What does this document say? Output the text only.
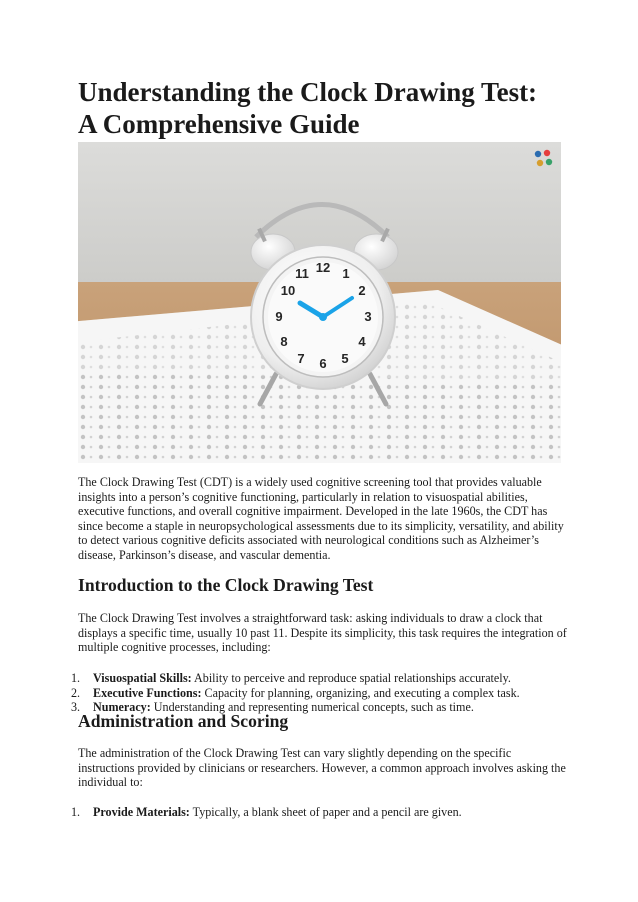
Understanding the Clock Drawing Test:
A Comprehensive Guide
12 1
2
3
4
5
6
7
8
9
10
11

The Clock Drawing Test (CDT) is a widely used cognitive screening tool that provides valuable insights into a person’s cognitive functioning, particularly in relation to visuospatial abilities, executive functions, and overall cognitive impairment. Developed in the late 1960s, the CDT has since become a staple in neuropsychological assessments due to its simplicity, versatility, and ability to detect various cognitive deficits associated with neurological conditions such as Alzheimer’s disease, Parkinson’s disease, and vascular dementia.

Introduction to the Clock Drawing Test

The Clock Drawing Test involves a straightforward task: asking individuals to draw a clock that displays a specific time, usually 10 past 11. Despite its simplicity, this task requires the integration of multiple cognitive processes, including:

1. Visuospatial Skills: Ability to perceive and reproduce spatial relationships accurately.
2. Executive Functions: Capacity for planning, organizing, and executing a complex task.
3. Numeracy: Understanding and representing numerical concepts, such as time.
Administration and Scoring

The administration of the Clock Drawing Test can vary slightly depending on the specific instructions provided by clinicians or researchers. However, a common approach involves asking the individual to:

1. Provide Materials: Typically, a blank sheet of paper and a pencil are given.
